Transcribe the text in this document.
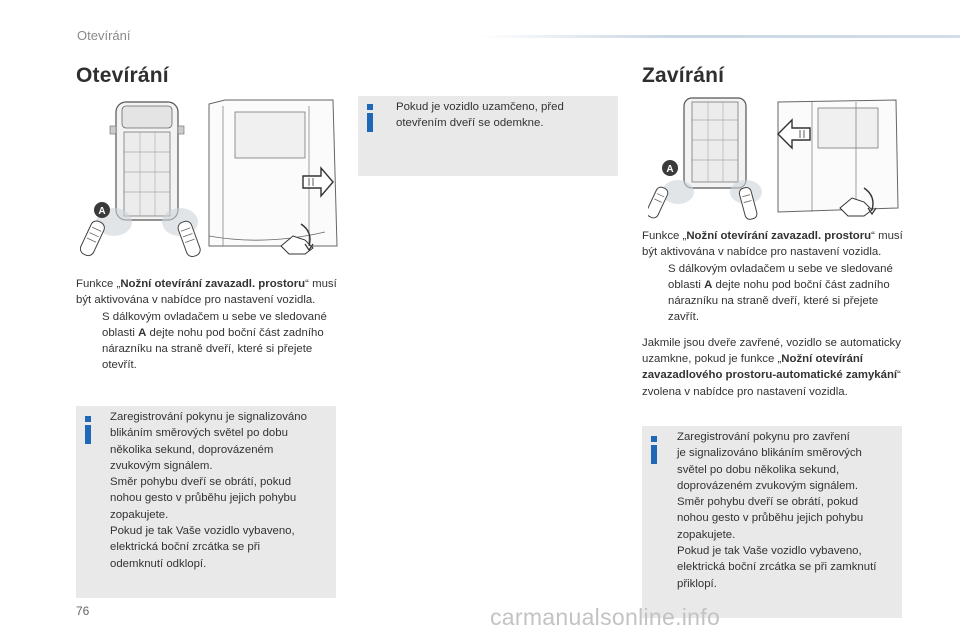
Otevírání
Otevírání
A

Funkce „Nožní otevírání zavazadl. prostoru“ musí být aktivována v nabídce pro nastavení vozidla.

S dálkovým ovladačem u sebe ve sledované oblasti A dejte nohu pod boční část zadního nárazníku na straně dveří, které si přejete otevřít.

Zaregistrování pokynu je signalizováno
blikáním směrových světel po dobu
několika sekund, doprovázeném
zvukovým signálem.
Směr pohybu dveří se obrátí, pokud
nohou gesto v průběhu jejich pohybu
zopakujete.
Pokud je tak Vaše vozidlo vybaveno,
elektrická boční zrcátka se při
odemknutí odklopí.
Pokud je vozidlo uzamčeno, před
otevřením dveří se odemkne.
Zavírání
A

Funkce „Nožní otevírání zavazadl. prostoru“ musí být aktivována v nabídce pro nastavení vozidla.

S dálkovým ovladačem u sebe ve sledované oblasti A dejte nohu pod boční část zadního nárazníku na straně dveří, které si přejete zavřít.

Jakmile jsou dveře zavřené, vozidlo se automaticky uzamkne, pokud je funkce „Nožní otevírání zavazadlového prostoru-automatické zamykání“ zvolena v nabídce pro nastavení vozidla.

Zaregistrování pokynu pro zavření
je signalizováno blikáním směrových
světel po dobu několika sekund,
doprovázeném zvukovým signálem.
Směr pohybu dveří se obrátí, pokud
nohou gesto v průběhu jejich pohybu
zopakujete.
Pokud je tak Vaše vozidlo vybaveno,
elektrická boční zrcátka se při zamknutí
přiklopí.
76	carmanualsonline.info
